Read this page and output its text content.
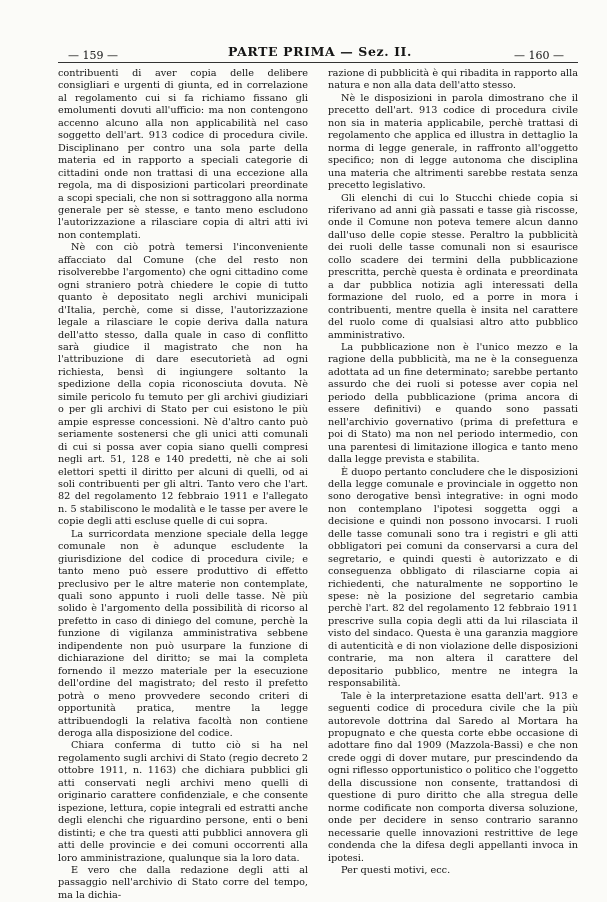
— 159 —	PARTE PRIMA — Sez. II.	— 160 —

contribuenti di aver copia delle delibere consigliari e urgenti di giunta, ed in correlazione al regolamento cui si fa richiamo fissano gli emolumenti dovuti all'ufficio: ma non contengono accenno alcuno alla non applicabilità nel caso soggetto dell'art. 913 codice di procedura civile. Disciplinano per contro una sola parte della materia ed in rapporto a speciali categorie di cittadini onde non trattasi di una eccezione alla regola, ma di disposizioni particolari preordinate a scopi speciali, che non si sottraggono alla norma generale per sè stesse, e tanto meno escludono l'autorizzazione a rilasciare copia di altri atti ivi non contemplati.

Nè con ciò potrà temersi l'inconveniente affacciato dal Comune (che del resto non risolverebbe l'argomento) che ogni cittadino come ogni straniero potrà chiedere le copie di tutto quanto è depositato negli archivi municipali d'Italia, perchè, come si disse, l'autorizzazione legale a rilasciare le copie deriva dalla natura dell'atto stesso, dalla quale in caso di conflitto sarà giudice il magistrato che non ha l'attribuzione di dare esecutorietà ad ogni richiesta, bensì di ingiungere soltanto la spedizione della copia riconosciuta dovuta. Nè simile pericolo fu temuto per gli archivi giudiziari o per gli archivi di Stato per cui esistono le più ampie espresse concessioni. Nè d'altro canto può seriamente sostenersi che gli unici atti comunali di cui si possa aver copia siano quelli compresi negli art. 51, 128 e 140 predetti, nè che ai soli elettori spetti il diritto per alcuni di quelli, od ai soli contribuenti per gli altri. Tanto vero che l'art. 82 del regolamento 12 febbraio 1911 e l'allegato n. 5 stabiliscono le modalità e le tasse per avere le copie degli atti escluse quelle di cui sopra.

La surricordata menzione speciale della legge comunale non è adunque escludente la giurisdizione del codice di procedura civile; e tanto meno può essere produttivo di effetto preclusivo per le altre materie non contemplate, quali sono appunto i ruoli delle tasse. Nè più solido è l'argomento della possibilità di ricorso al prefetto in caso di diniego del comune, perchè la funzione di vigilanza amministrativa sebbene indipendente non può usurpare la funzione di dichiarazione del diritto; se mai la completa fornendo il mezzo materiale per la esecuzione dell'ordine del magistrato; del resto il prefetto potrà o meno provvedere secondo criteri di opportunità pratica, mentre la legge attribuendogli la relativa facoltà non contiene deroga alla disposizione del codice.

Chiara conferma di tutto ciò si ha nel regolamento sugli archivi di Stato (regio decreto 2 ottobre 1911, n. 1163) che dichiara pubblici gli atti conservati negli archivi meno quelli di originario carattere confidenziale, e che consente ispezione, lettura, copie integrali ed estratti anche degli elenchi che riguardino persone, enti o beni distinti; e che tra questi atti pubblici annovera gli atti delle provincie e dei comuni occorrenti alla loro amministrazione, qualunque sia la loro data.

E vero che dalla redazione degli atti al passaggio nell'archivio di Stato corre del tempo, ma la dichia-

razione di pubblicità è qui ribadita in rapporto alla natura e non alla data dell'atto stesso.

Nè le disposizioni in parola dimostrano che il precetto dell'art. 913 codice di procedura civile non sia in materia applicabile, perchè trattasi di regolamento che applica ed illustra in dettaglio la norma di legge generale, in raffronto all'oggetto specifico; non di legge autonoma che disciplina una materia che altrimenti sarebbe restata senza precetto legislativo.

Gli elenchi di cui lo Stucchi chiede copia si riferivano ad anni già passati e tasse già riscosse, onde il Comune non poteva temere alcun danno dall'uso delle copie stesse. Peraltro la pubblicità dei ruoli delle tasse comunali non si esaurisce collo scadere dei termini della pubblicazione prescritta, perchè questa è ordinata e preordinata a dar pubblica notizia agli interessati della formazione del ruolo, ed a porre in mora i contribuenti, mentre quella è insita nel carattere del ruolo come di qualsiasi altro atto pubblico amministrativo.

La pubblicazione non è l'unico mezzo e la ragione della pubblicità, ma ne è la conseguenza adottata ad un fine determinato; sarebbe pertanto assurdo che dei ruoli si potesse aver copia nel periodo della pubblicazione (prima ancora di essere definitivi) e quando sono passati nell'archivio governativo (prima di prefettura e poi di Stato) ma non nel periodo intermedio, con una parentesi di limitazione illogica e tanto meno dalla legge prevista e stabilita.

È duopo pertanto concludere che le disposizioni della legge comunale e provinciale in oggetto non sono derogative bensì integrative: in ogni modo non contemplano l'ipotesi soggetta oggi a decisione e quindi non possono invocarsi. I ruoli delle tasse comunali sono tra i registri e gli atti obbligatori pei comuni da conservarsi a cura del segretario, e quindi questi è autorizzato e di conseguenza obbligato di rilasciarne copia ai richiedenti, che naturalmente ne sopportino le spese: nè la posizione del segretario cambia perchè l'art. 82 del regolamento 12 febbraio 1911 prescrive sulla copia degli atti da lui rilasciata il visto del sindaco. Questa è una garanzia maggiore di autenticità e di non violazione delle disposizioni contrarie, ma non altera il carattere del depositario pubblico, mentre ne integra la responsabilità.

Tale è la interpretazione esatta dell'art. 913 e seguenti codice di procedura civile che la più autorevole dottrina dal Saredo al Mortara ha propugnato e che questa corte ebbe occasione di adottare fino dal 1909 (Mazzola-Bassi) e che non crede oggi di dover mutare, pur prescindendo da ogni riflesso opportunistico o politico che l'oggetto della discussione non consente, trattandosi di questione di puro diritto che alla stregua delle norme codificate non comporta diversa soluzione, onde per decidere in senso contrario saranno necessarie quelle innovazioni restrittive de lege condenda che la difesa degli appellanti invoca in ipotesi.

Per questi motivi, ecc.
